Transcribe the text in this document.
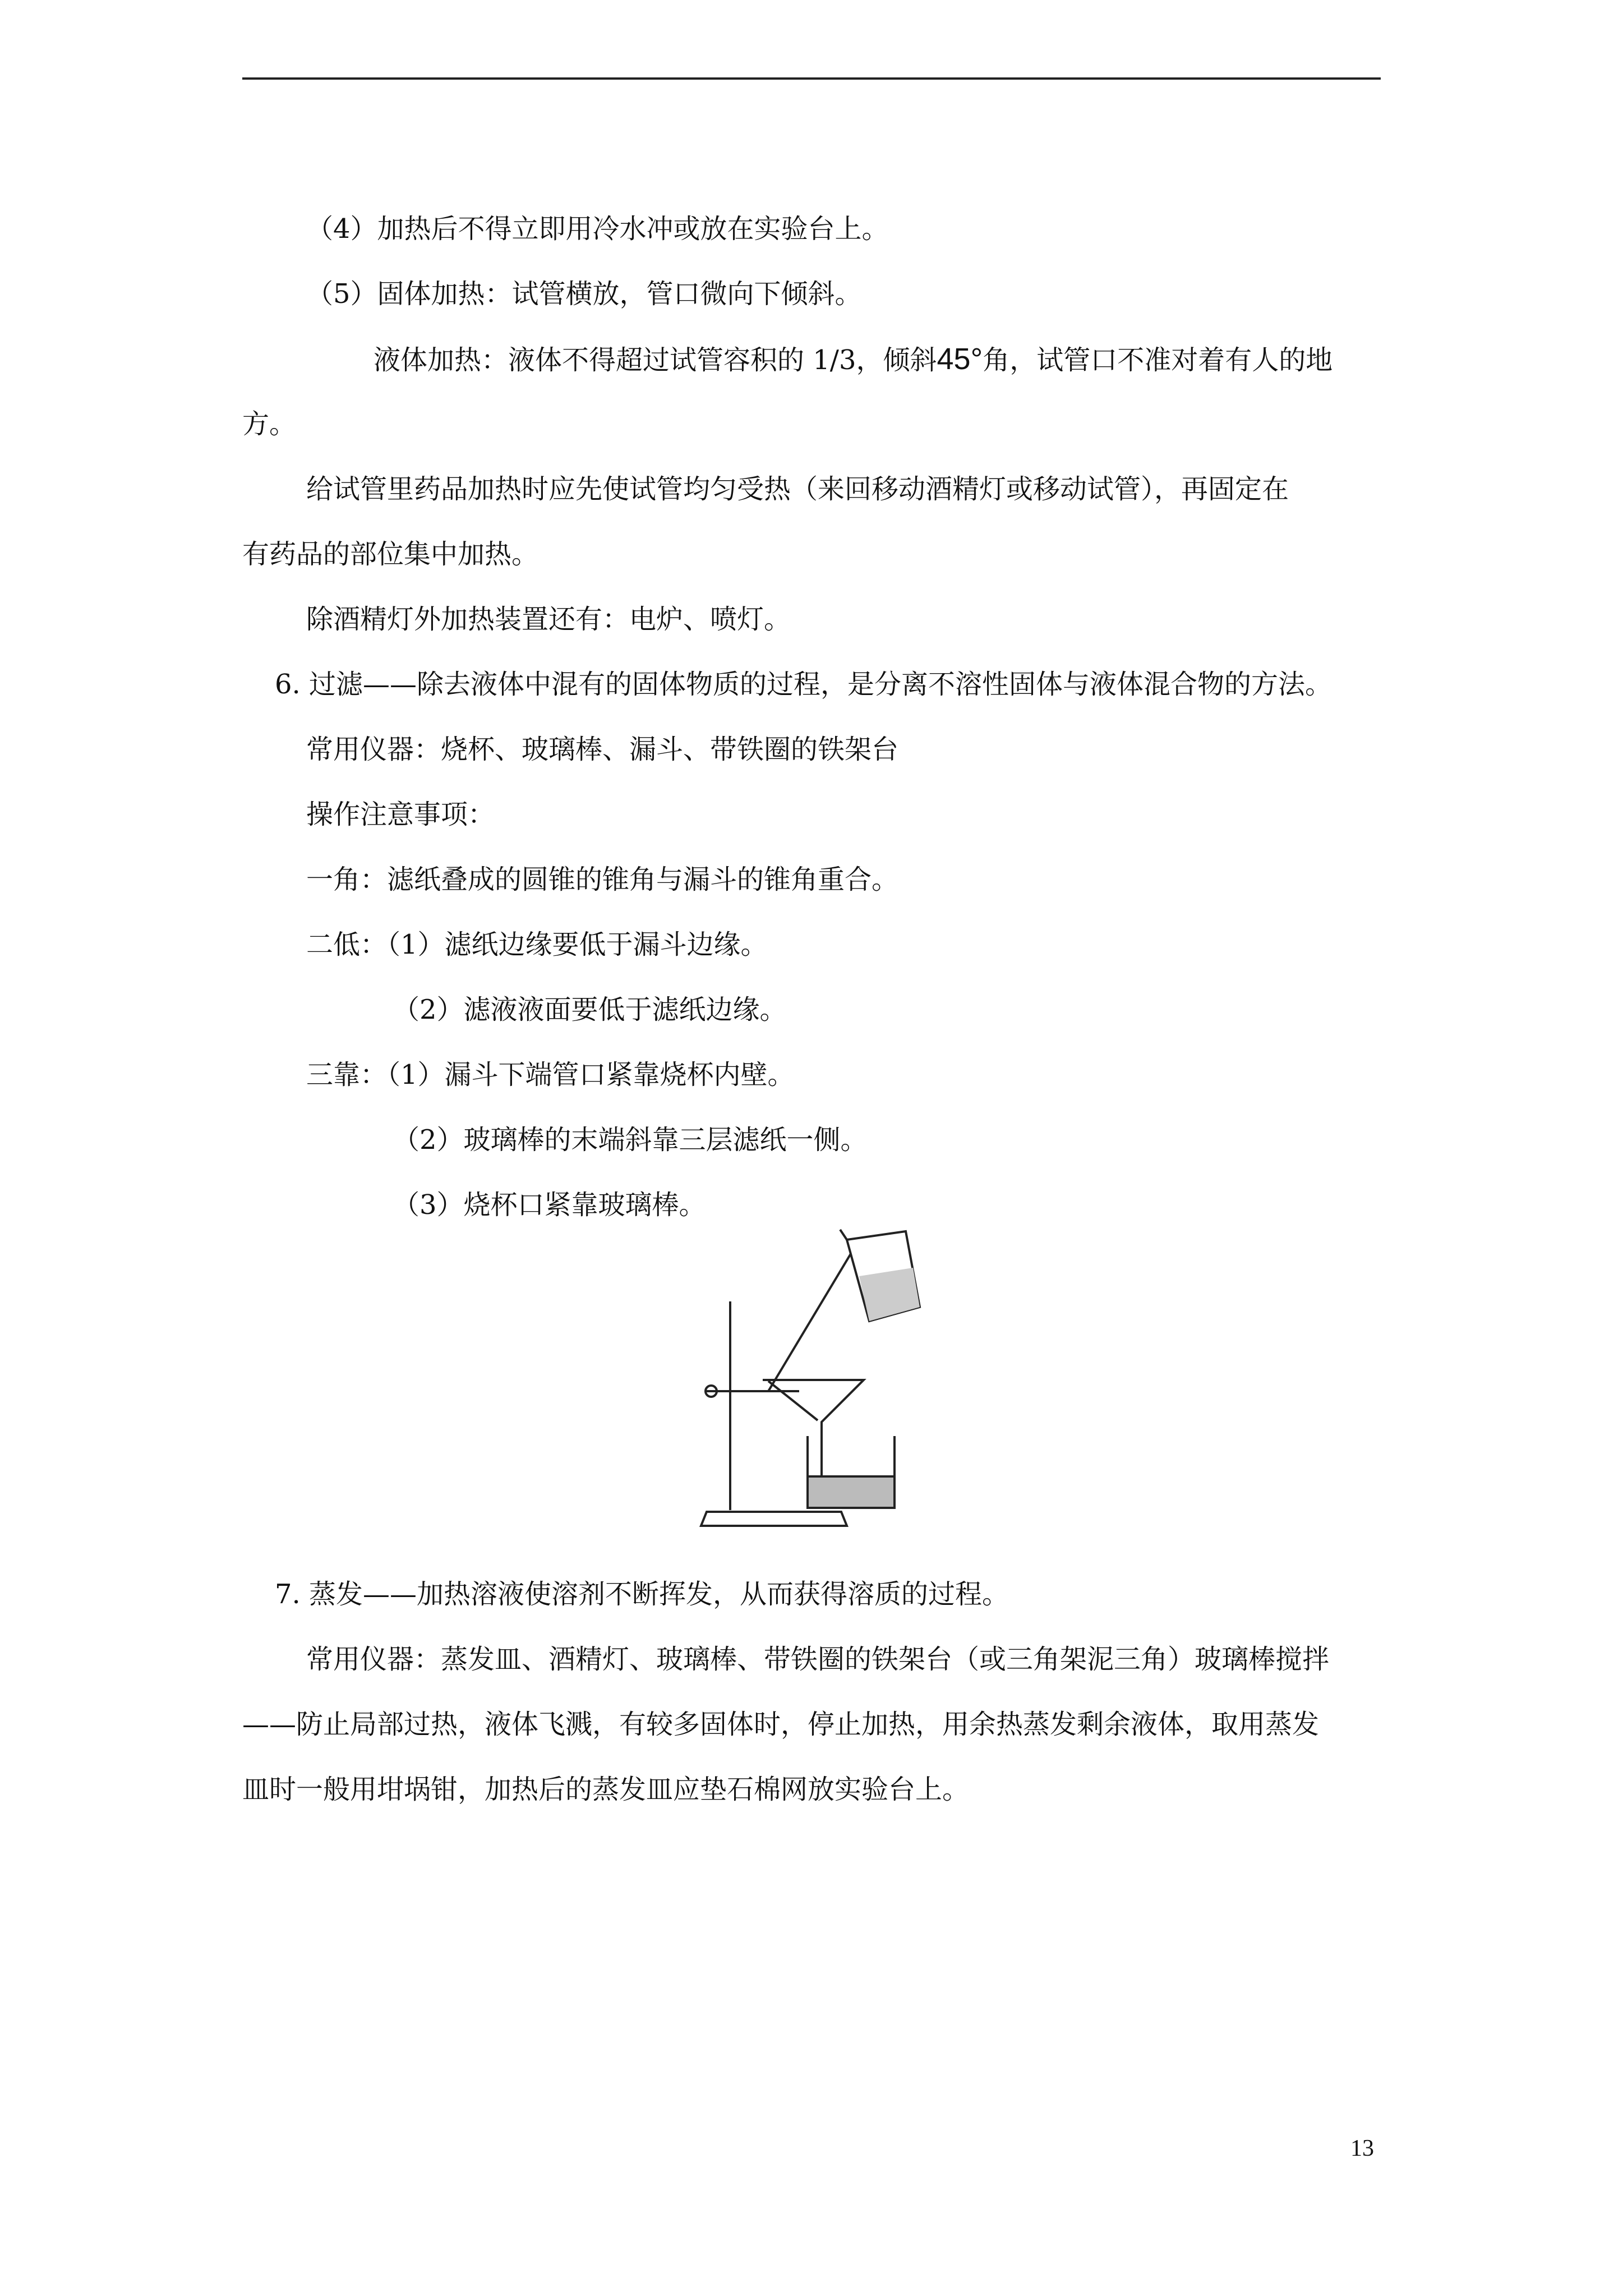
（4）加热后不得立即用冷水冲或放在实验台上。
（5）固体加热：试管横放，管口微向下倾斜。
液体加热：液体不得超过试管容积的 1/3，倾斜45°角，试管口不准对着有人的地
方。
给试管里药品加热时应先使试管均匀受热（来回移动酒精灯或移动试管），再固定在
有药品的部位集中加热。
除酒精灯外加热装置还有：电炉、喷灯。
6. 过滤——除去液体中混有的固体物质的过程，是分离不溶性固体与液体混合物的方法。
常用仪器：烧杯、玻璃棒、漏斗、带铁圈的铁架台
操作注意事项：
一角：滤纸叠成的圆锥的锥角与漏斗的锥角重合。
二低：（1）滤纸边缘要低于漏斗边缘。
（2）滤液液面要低于滤纸边缘。
三靠：（1）漏斗下端管口紧靠烧杯内壁。
（2）玻璃棒的末端斜靠三层滤纸一侧。
（3）烧杯口紧靠玻璃棒。
7. 蒸发——加热溶液使溶剂不断挥发，从而获得溶质的过程。
常用仪器：蒸发皿、酒精灯、玻璃棒、带铁圈的铁架台（或三角架泥三角）玻璃棒搅拌
——防止局部过热，液体飞溅，有较多固体时，停止加热，用余热蒸发剩余液体，取用蒸发
皿时一般用坩埚钳，加热后的蒸发皿应垫石棉网放实验台上。
13
